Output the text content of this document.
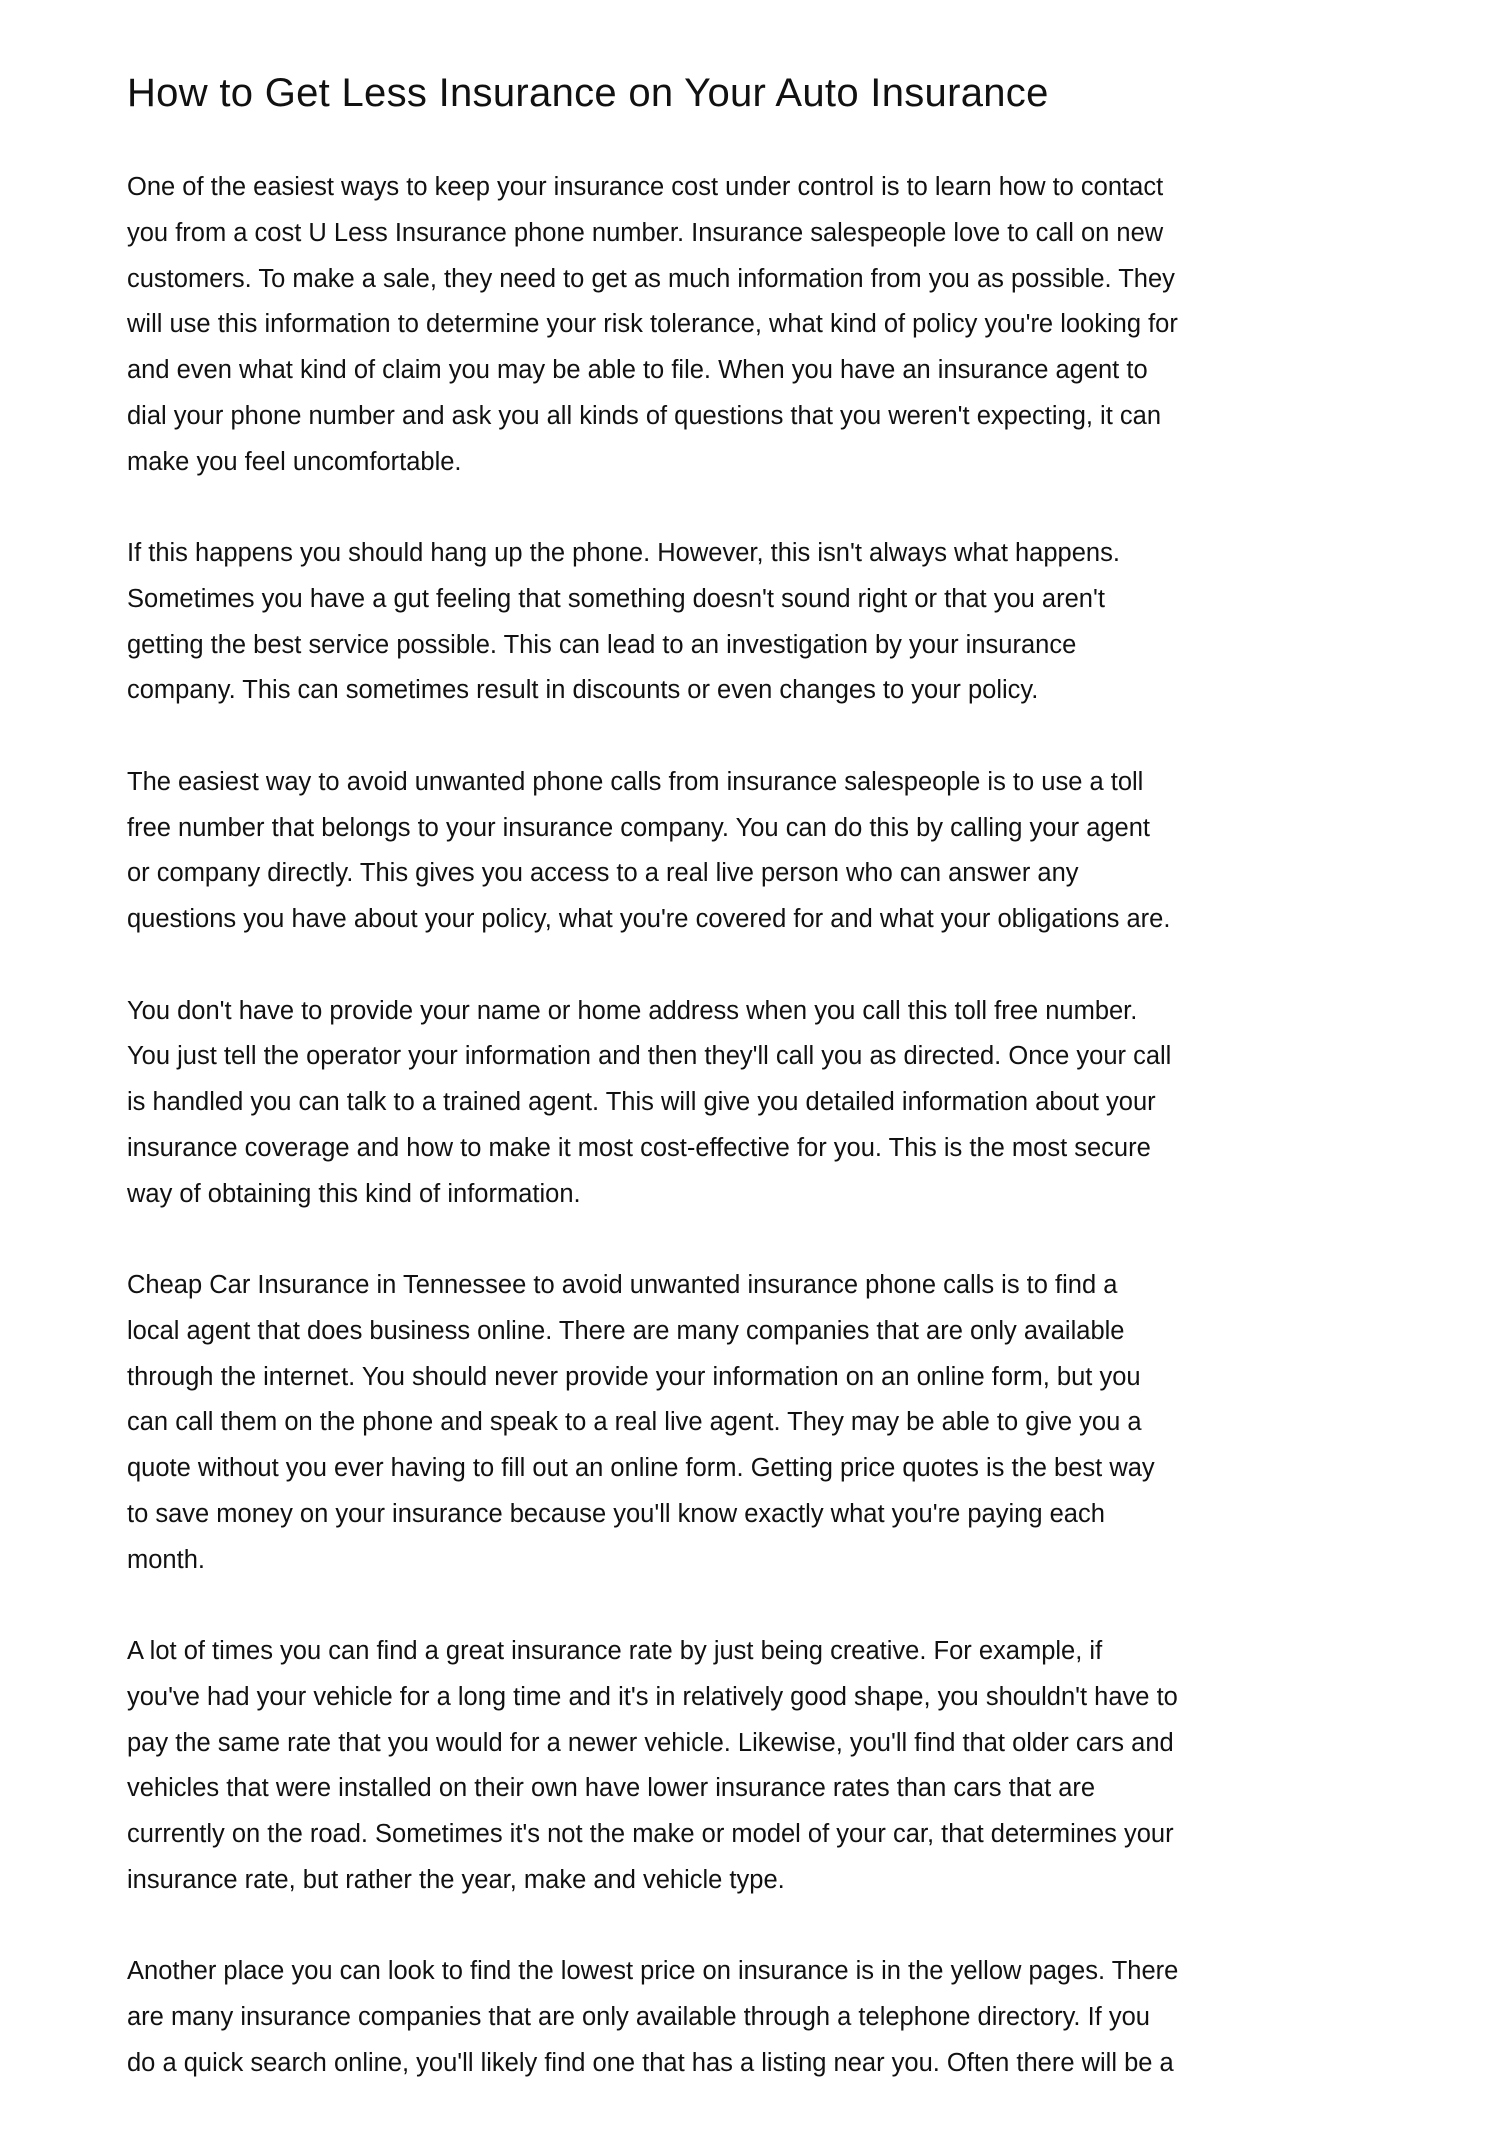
How to Get Less Insurance on Your Auto Insurance
One of the easiest ways to keep your insurance cost under control is to learn how to contact
you from a cost U Less Insurance phone number. Insurance salespeople love to call on new
customers. To make a sale, they need to get as much information from you as possible. They
will use this information to determine your risk tolerance, what kind of policy you're looking for
and even what kind of claim you may be able to file. When you have an insurance agent to
dial your phone number and ask you all kinds of questions that you weren't expecting, it can
make you feel uncomfortable.
If this happens you should hang up the phone. However, this isn't always what happens.
Sometimes you have a gut feeling that something doesn't sound right or that you aren't
getting the best service possible. This can lead to an investigation by your insurance
company. This can sometimes result in discounts or even changes to your policy.
The easiest way to avoid unwanted phone calls from insurance salespeople is to use a toll
free number that belongs to your insurance company. You can do this by calling your agent
or company directly. This gives you access to a real live person who can answer any
questions you have about your policy, what you're covered for and what your obligations are.
You don't have to provide your name or home address when you call this toll free number.
You just tell the operator your information and then they'll call you as directed. Once your call
is handled you can talk to a trained agent. This will give you detailed information about your
insurance coverage and how to make it most cost-effective for you. This is the most secure
way of obtaining this kind of information.
Cheap Car Insurance in Tennessee to avoid unwanted insurance phone calls is to find a
local agent that does business online. There are many companies that are only available
through the internet. You should never provide your information on an online form, but you
can call them on the phone and speak to a real live agent. They may be able to give you a
quote without you ever having to fill out an online form. Getting price quotes is the best way
to save money on your insurance because you'll know exactly what you're paying each
month.
A lot of times you can find a great insurance rate by just being creative. For example, if
you've had your vehicle for a long time and it's in relatively good shape, you shouldn't have to
pay the same rate that you would for a newer vehicle. Likewise, you'll find that older cars and
vehicles that were installed on their own have lower insurance rates than cars that are
currently on the road. Sometimes it's not the make or model of your car, that determines your
insurance rate, but rather the year, make and vehicle type.
Another place you can look to find the lowest price on insurance is in the yellow pages. There
are many insurance companies that are only available through a telephone directory. If you
do a quick search online, you'll likely find one that has a listing near you. Often there will be a
